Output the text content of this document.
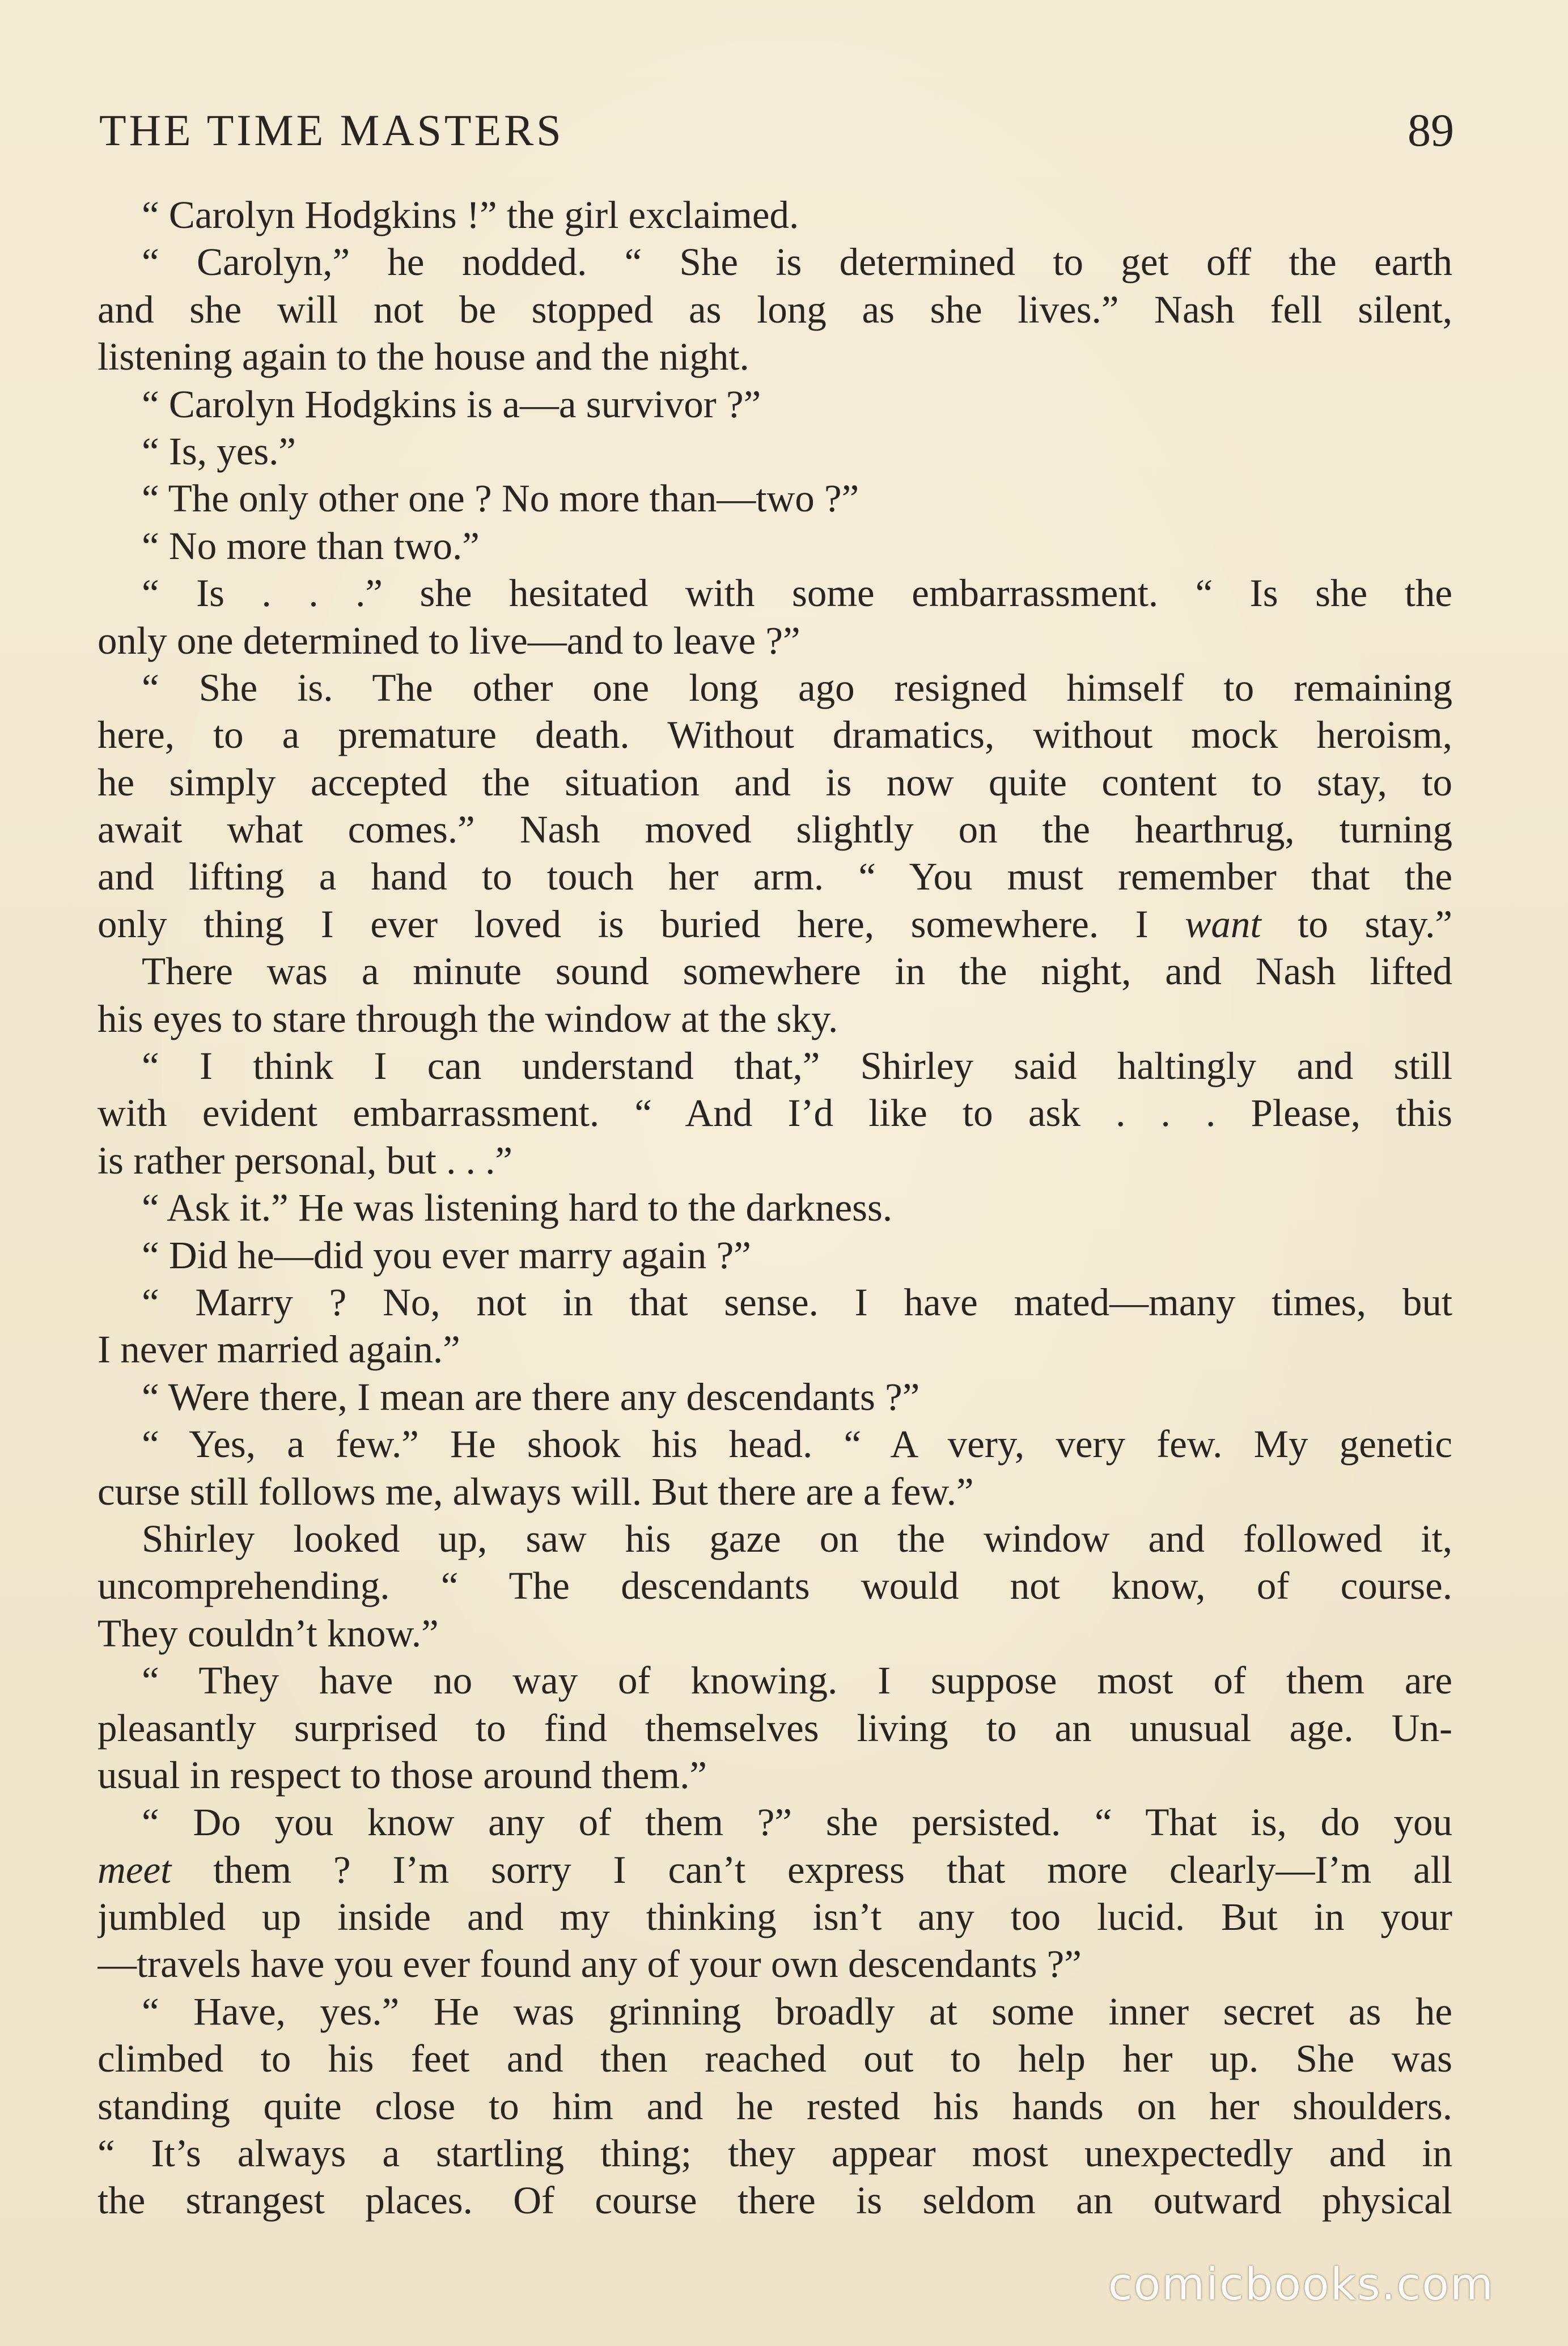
THE TIME MASTERS	89
“ Carolyn Hodgkins !” the girl exclaimed.
“ Carolyn,” he nodded. “ She is determined to get off the earth
and she will not be stopped as long as she lives.” Nash fell silent,
listening again to the house and the night.
“ Carolyn Hodgkins is a—a survivor ?”
“ Is, yes.”
“ The only other one ? No more than—two ?”
“ No more than two.”
“ Is . . .” she hesitated with some embarrassment. “ Is she the
only one determined to live—and to leave ?”
“ She is. The other one long ago resigned himself to remaining
here, to a premature death. Without dramatics, without mock heroism,
he simply accepted the situation and is now quite content to stay, to
await what comes.” Nash moved slightly on the hearthrug, turning
and lifting a hand to touch her arm. “ You must remember that the
only thing I ever loved is buried here, somewhere. I want to stay.”
There was a minute sound somewhere in the night, and Nash lifted
his eyes to stare through the window at the sky.
“ I think I can understand that,” Shirley said haltingly and still
with evident embarrassment. “ And I’d like to ask . . . Please, this
is rather personal, but . . .”
“ Ask it.” He was listening hard to the darkness.
“ Did he—did you ever marry again ?”
“ Marry ? No, not in that sense. I have mated—many times, but
I never married again.”
“ Were there, I mean are there any descendants ?”
“ Yes, a few.” He shook his head. “ A very, very few. My genetic
curse still follows me, always will. But there are a few.”
Shirley looked up, saw his gaze on the window and followed it,
uncomprehending. “ The descendants would not know, of course.
They couldn’t know.”
“ They have no way of knowing. I suppose most of them are
pleasantly surprised to find themselves living to an unusual age. Un-
usual in respect to those around them.”
“ Do you know any of them ?” she persisted. “ That is, do you
meet them ? I’m sorry I can’t express that more clearly—I’m all
jumbled up inside and my thinking isn’t any too lucid. But in your
—travels have you ever found any of your own descendants ?”
“ Have, yes.” He was grinning broadly at some inner secret as he
climbed to his feet and then reached out to help her up. She was
standing quite close to him and he rested his hands on her shoulders.
“ It’s always a startling thing; they appear most unexpectedly and in
the strangest places. Of course there is seldom an outward physical
comicbooks.com
